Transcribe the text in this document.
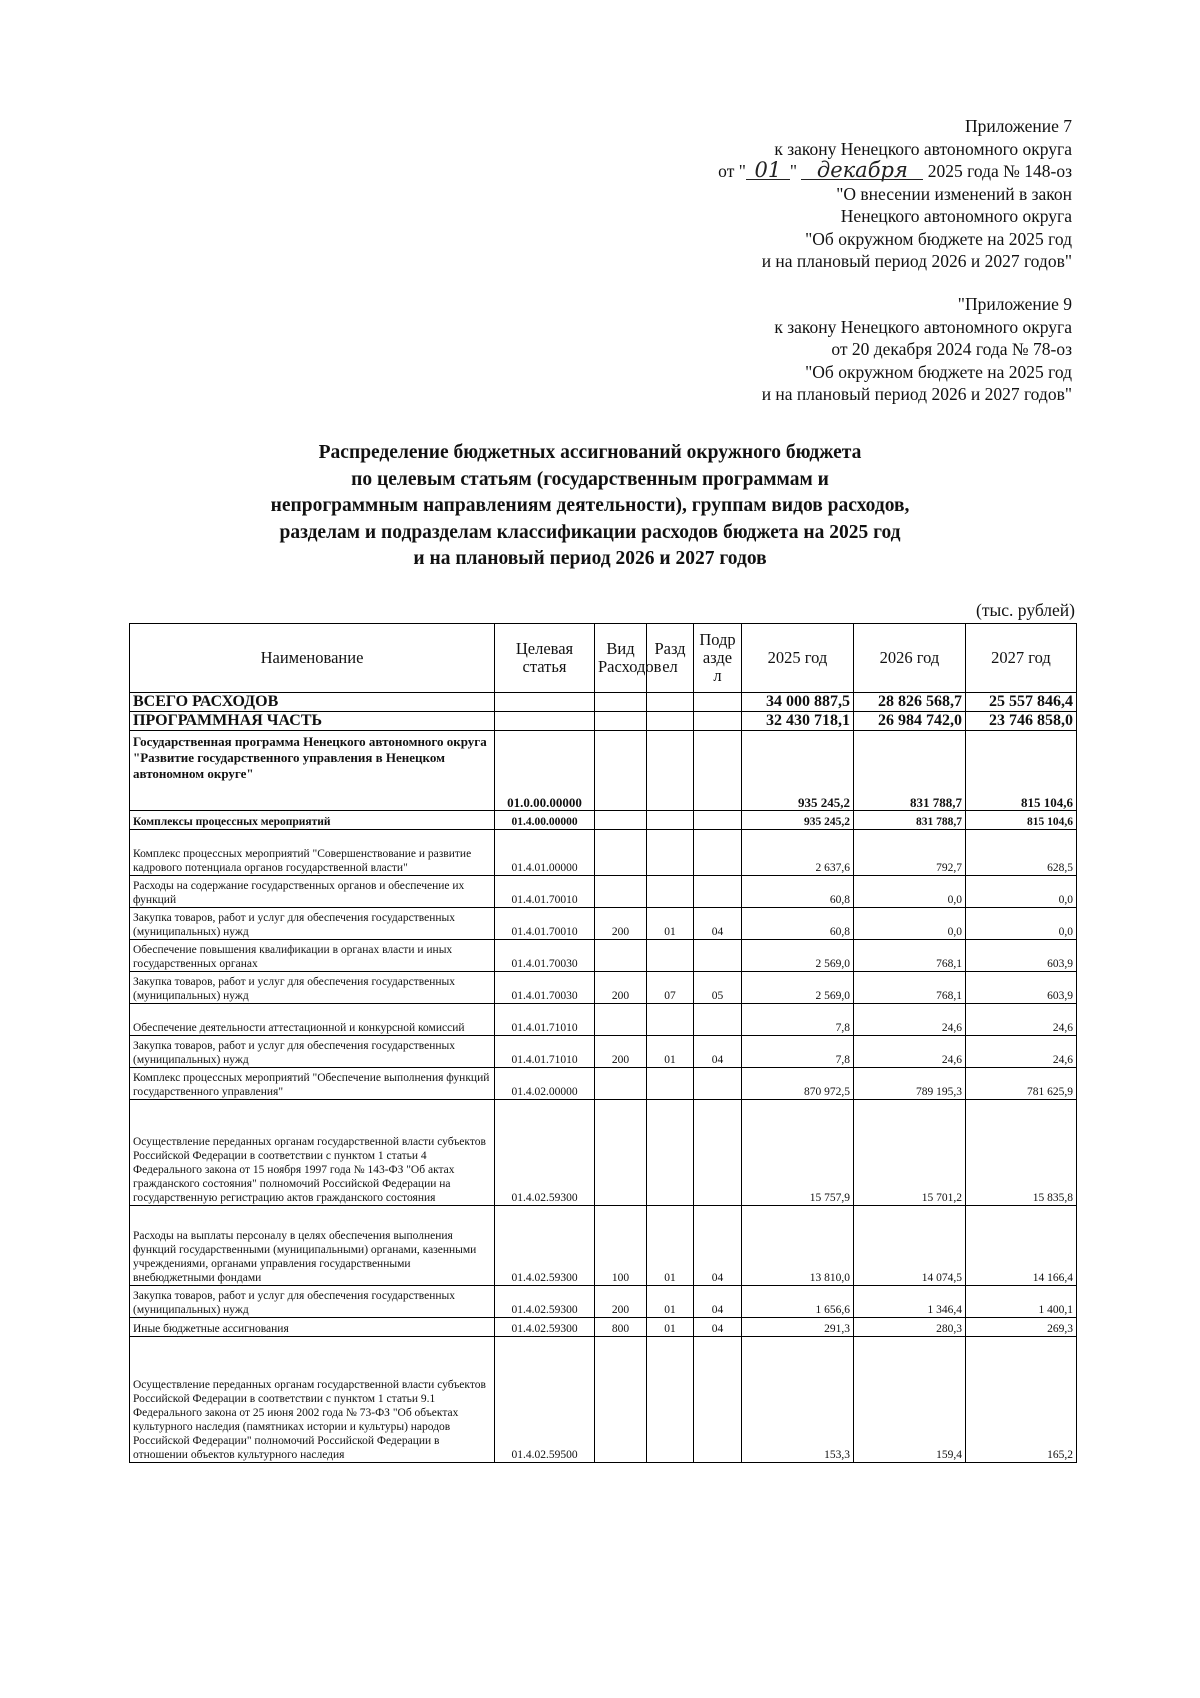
Приложение 7
к закону Ненецкого автономного округа
от " 01 " декабря 2025 года № 148-оз
"О внесении изменений в закон
Ненецкого автономного округа
"Об окружном бюджете на 2025 год
и на плановый период 2026 и 2027 годов"
"Приложение 9
к закону Ненецкого автономного округа
от 20 декабря 2024 года № 78-оз
"Об окружном бюджете на 2025 год
и на плановый период 2026 и 2027 годов"
Распределение бюджетных ассигнований окружного бюджета
по целевым статьям (государственным программам и
непрограммным направлениям деятельности), группам видов расходов,
разделам и подразделам классификации расходов бюджета на 2025 год
и на плановый период 2026 и 2027 годов
(тыс. рублей)
Наименование	Целевая статья	Вид Расходов	Разд ел	Подр азде л	2025 год	2026 год	2027 год
ВСЕГО РАСХОДОВ					34 000 887,5	28 826 568,7	25 557 846,4
ПРОГРАММНАЯ ЧАСТЬ					32 430 718,1	26 984 742,0	23 746 858,0
Государственная программа Ненецкого автономного округа "Развитие государственного управления в Ненецком автономном округе"	01.0.00.00000				935 245,2	831 788,7	815 104,6
Комплексы процессных мероприятий	01.4.00.00000				935 245,2	831 788,7	815 104,6
Комплекс процессных мероприятий "Совершенствование и развитие кадрового потенциала органов государственной власти"	01.4.01.00000				2 637,6	792,7	628,5
Расходы на содержание государственных органов и обеспечение их функций	01.4.01.70010				60,8	0,0	0,0
Закупка товаров, работ и услуг для обеспечения государственных (муниципальных) нужд	01.4.01.70010	200	01	04	60,8	0,0	0,0
Обеспечение повышения квалификации в органах власти и иных государственных органах	01.4.01.70030				2 569,0	768,1	603,9
Закупка товаров, работ и услуг для обеспечения государственных (муниципальных) нужд	01.4.01.70030	200	07	05	2 569,0	768,1	603,9
Обеспечение деятельности аттестационной и конкурсной комиссий	01.4.01.71010				7,8	24,6	24,6
Закупка товаров, работ и услуг для обеспечения государственных (муниципальных) нужд	01.4.01.71010	200	01	04	7,8	24,6	24,6
Комплекс процессных мероприятий "Обеспечение выполнения функций государственного управления"	01.4.02.00000				870 972,5	789 195,3	781 625,9
Осуществление переданных органам государственной власти субъектов Российской Федерации в соответствии с пунктом 1 статьи 4 Федерального закона от 15 ноября 1997 года № 143-ФЗ "Об актах гражданского состояния" полномочий Российской Федерации на государственную регистрацию актов гражданского состояния	01.4.02.59300				15 757,9	15 701,2	15 835,8
Расходы на выплаты персоналу в целях обеспечения выполнения функций государственными (муниципальными) органами, казенными учреждениями, органами управления государственными внебюджетными фондами	01.4.02.59300	100	01	04	13 810,0	14 074,5	14 166,4
Закупка товаров, работ и услуг для обеспечения государственных (муниципальных) нужд	01.4.02.59300	200	01	04	1 656,6	1 346,4	1 400,1
Иные бюджетные ассигнования	01.4.02.59300	800	01	04	291,3	280,3	269,3
Осуществление переданных органам государственной власти субъектов Российской Федерации в соответствии с пунктом 1 статьи 9.1 Федерального закона от 25 июня 2002 года № 73-ФЗ "Об объектах культурного наследия (памятниках истории и культуры) народов Российской Федерации" полномочий Российской Федерации в отношении объектов культурного наследия	01.4.02.59500				153,3	159,4	165,2
